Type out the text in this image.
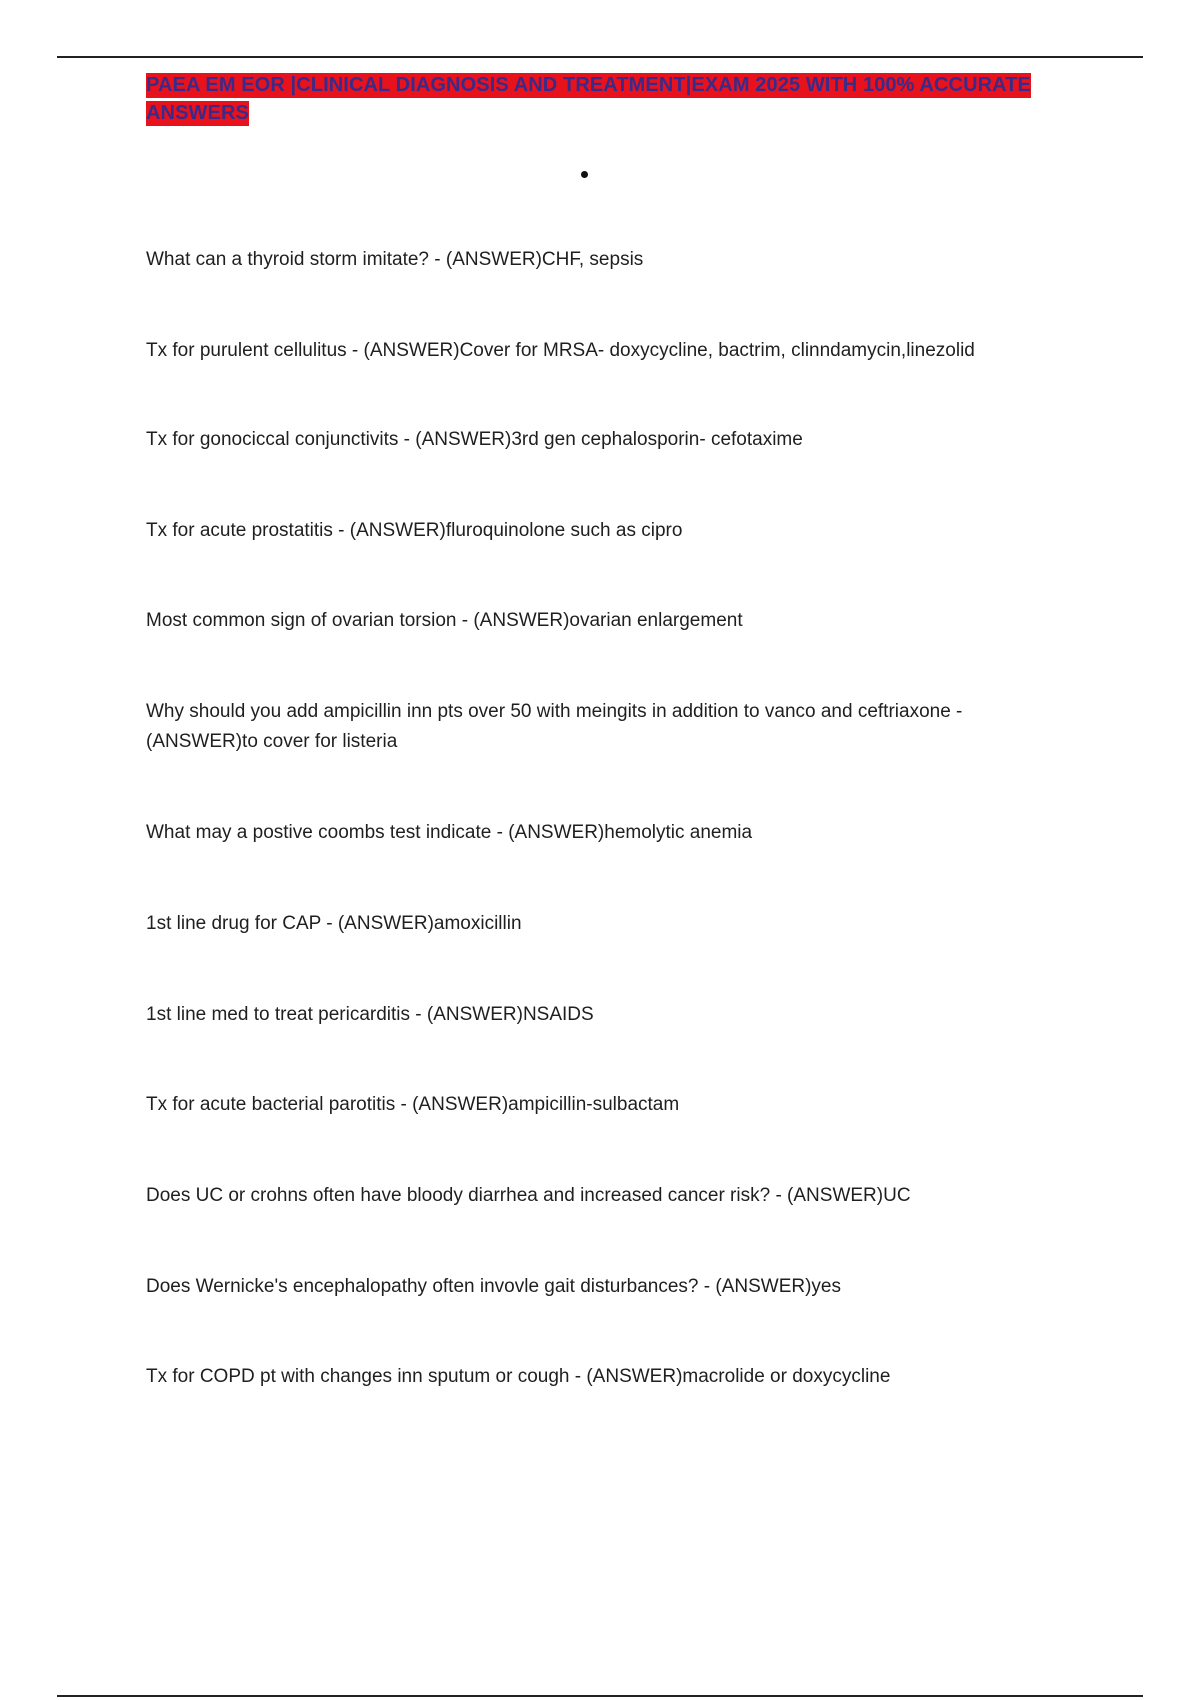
PAEA EM EOR |CLINICAL DIAGNOSIS AND TREATMENT|EXAM 2025 WITH 100% ACCURATE ANSWERS
What can a thyroid storm imitate? - (ANSWER)CHF, sepsis
Tx for purulent cellulitus - (ANSWER)Cover for MRSA- doxycycline, bactrim, clinndamycin,linezolid
Tx for gonociccal conjunctivits - (ANSWER)3rd gen cephalosporin- cefotaxime
Tx for acute prostatitis - (ANSWER)fluroquinolone such as cipro
Most common sign of ovarian torsion - (ANSWER)ovarian enlargement
Why should you add ampicillin inn pts over 50 with meingits in addition to vanco and ceftriaxone - (ANSWER)to cover for listeria
What may a postive coombs test indicate - (ANSWER)hemolytic anemia
1st line drug for CAP - (ANSWER)amoxicillin
1st line med to treat pericarditis - (ANSWER)NSAIDS
Tx for acute bacterial parotitis - (ANSWER)ampicillin-sulbactam
Does UC or crohns often have bloody diarrhea and increased cancer risk? - (ANSWER)UC
Does Wernicke's encephalopathy often invovle gait disturbances? - (ANSWER)yes
Tx for COPD pt with changes inn sputum or cough - (ANSWER)macrolide or doxycycline
